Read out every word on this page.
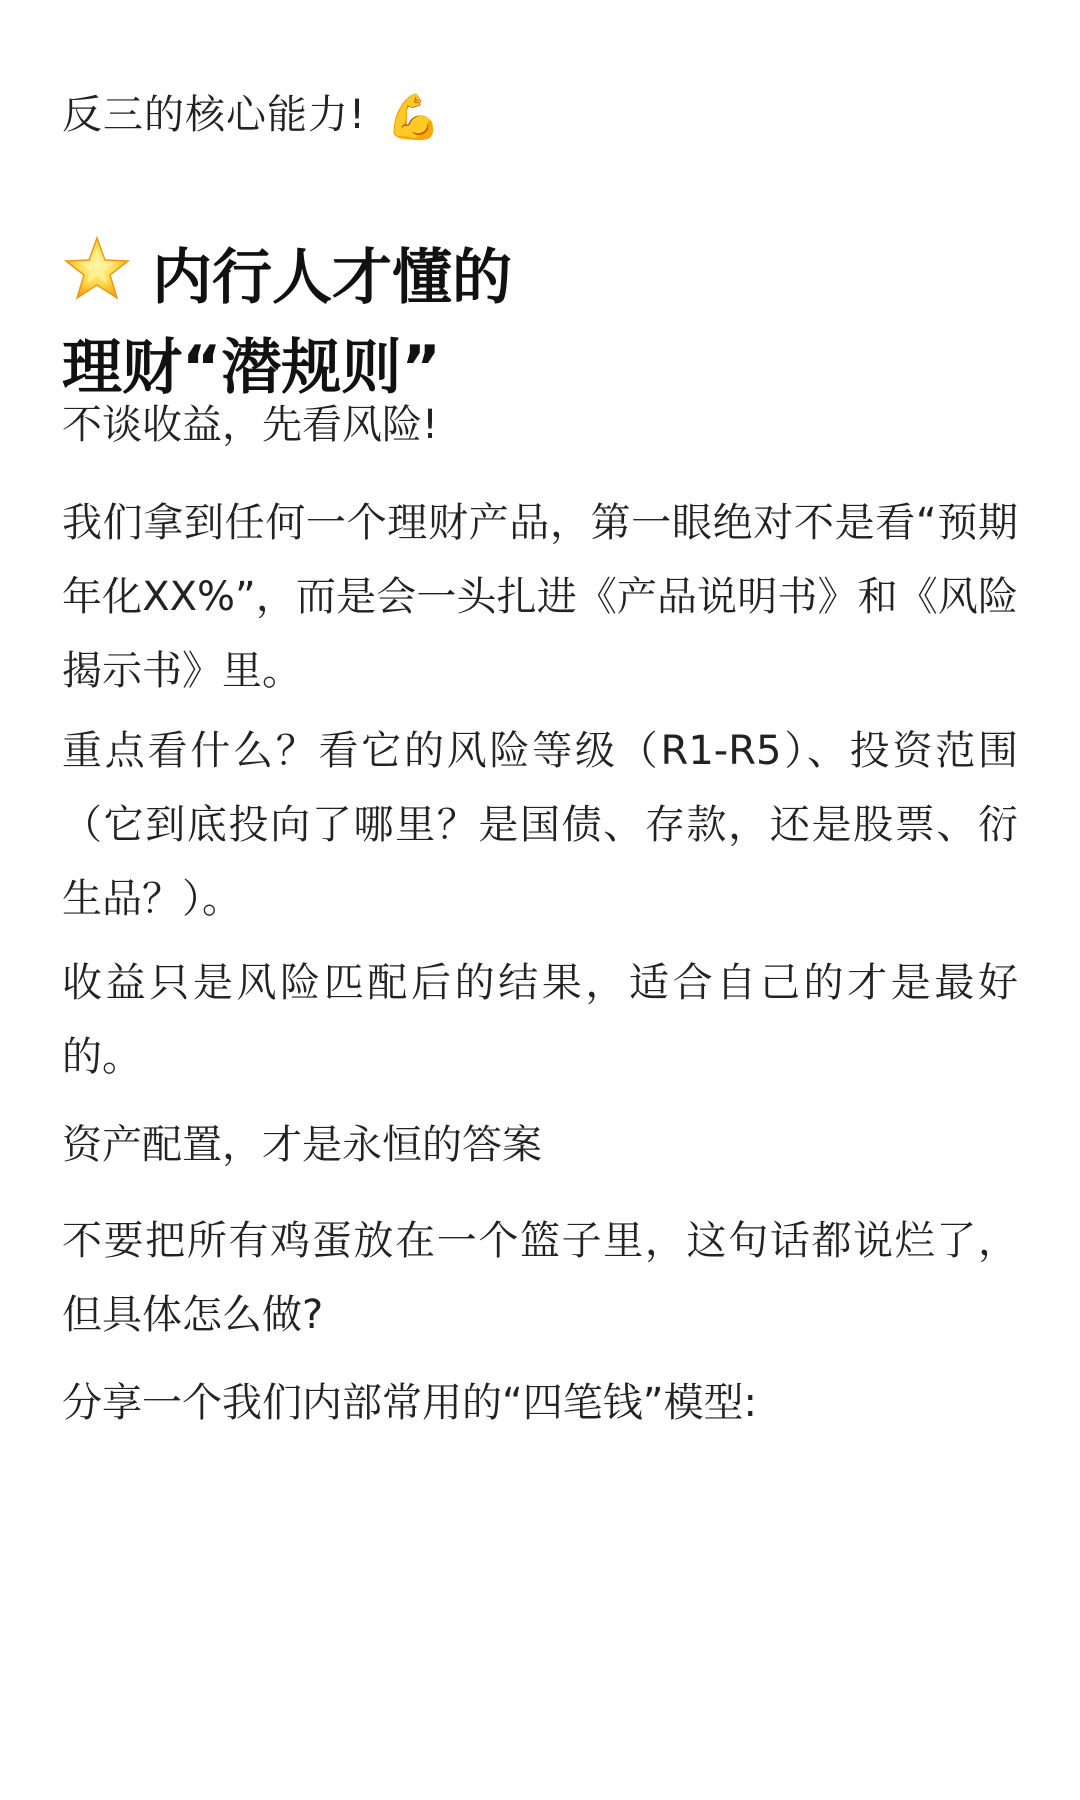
反三的核心能力! 💪

内行人才懂的
理财“潜规则”

不谈收益，先看风险!

我们拿到任何一个理财产品，第一眼绝对不是看“预期年化XX%”，而是会一头扎进《产品说明书》和《风险揭示书》里。

重点看什么？看它的风险等级（R1-R5）、投资范围（它到底投向了哪里？是国债、存款，还是股票、衍生品？）。

收益只是风险匹配后的结果，适合自己的才是最好的。

资产配置，才是永恒的答案

不要把所有鸡蛋放在一个篮子里，这句话都说烂了，但具体怎么做?

分享一个我们内部常用的“四笔钱”模型:
